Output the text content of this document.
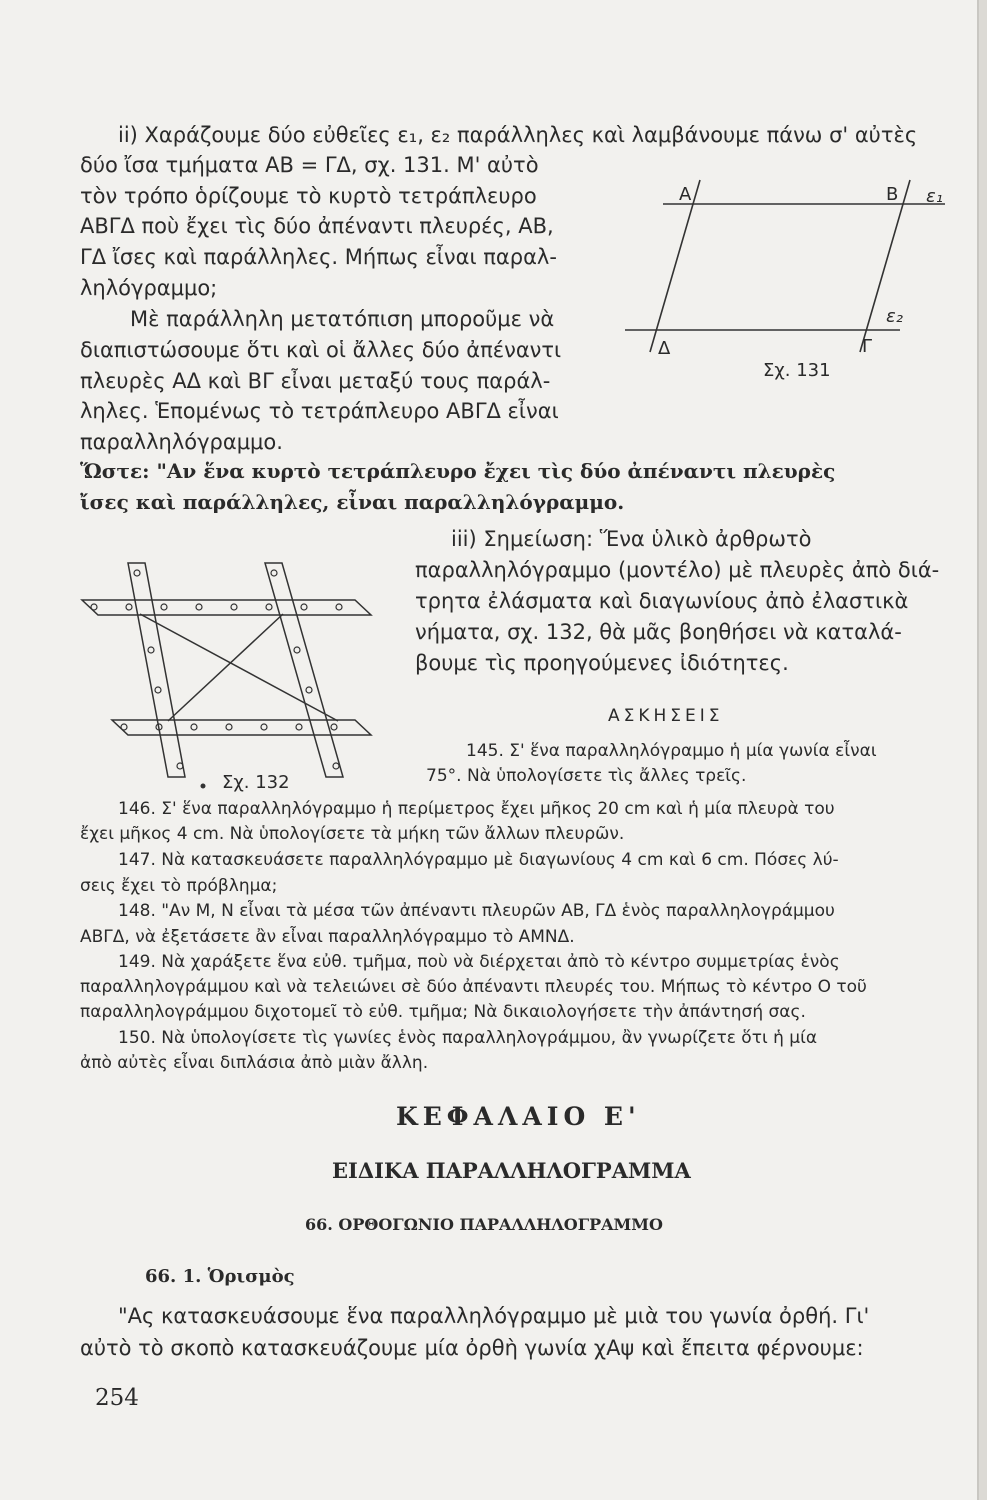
ii) Χαράζουμε δύο εὐθεῖες ε₁, ε₂ παράλληλες καὶ λαμβάνουμε πάνω σ' αὐτὲς
δύο ἴσα τμήματα ΑΒ = ΓΔ, σχ. 131. Μ' αὐτὸ
τὸν τρόπο ὁρίζουμε τὸ κυρτὸ τετράπλευρο
ΑΒΓΔ ποὺ ἔχει τὶς δύο ἀπέναντι πλευρές, ΑΒ,
ΓΔ ἴσες καὶ παράλληλες. Μήπως εἶναι παραλ-
ληλόγραμμο;
Μὲ παράλληλη μετατόπιση μποροῦμε νὰ
διαπιστώσουμε ὅτι καὶ οἱ ἄλλες δύο ἀπέναντι
πλευρὲς ΑΔ καὶ ΒΓ εἶναι μεταξύ τους παράλ-
ληλες. Ἑπομένως τὸ τετράπλευρο ΑΒΓΔ εἶναι
παραλληλόγραμμο.
Α	Β ε₁
ε₂
Γ
Δ
Σχ. 131
Ὥστε: "Αν ἕνα κυρτὸ τετράπλευρο ἔχει τὶς δύο ἀπέναντι πλευρὲς
ἴσες καὶ παράλληλες, εἶναι παραλληλόγραμμο.
Σχ. 132
iii) Σημείωση: Ἕνα ὑλικὸ ἀρθρωτὸ
παραλληλόγραμμο (μοντέλο) μὲ πλευρὲς ἀπὸ διά-
τρητα ἐλάσματα καὶ διαγωνίους ἀπὸ ἐλαστικὰ
νήματα, σχ. 132, θὰ μᾶς βοηθήσει νὰ καταλά-
βουμε τὶς προηγούμενες ἰδιότητες.
ΑΣΚΗΣΕΙΣ
145. Σ' ἕνα παραλληλόγραμμο ἡ μία γωνία εἶναι
75°. Νὰ ὑπολογίσετε τὶς ἄλλες τρεῖς.
146. Σ' ἕνα παραλληλόγραμμο ἡ περίμετρος ἔχει μῆκος 20 cm καὶ ἡ μία πλευρὰ του
ἔχει μῆκος 4 cm. Νὰ ὑπολογίσετε τὰ μήκη τῶν ἄλλων πλευρῶν.
147. Νὰ κατασκευάσετε παραλληλόγραμμο μὲ διαγωνίους 4 cm καὶ 6 cm. Πόσες λύ-
σεις ἔχει τὸ πρόβλημα;
148. "Αν Μ, Ν εἶναι τὰ μέσα τῶν ἀπέναντι πλευρῶν ΑΒ, ΓΔ ἑνὸς παραλληλογράμμου
ΑΒΓΔ, νὰ ἐξετάσετε ἂν εἶναι παραλληλόγραμμο τὸ ΑΜΝΔ.
149. Νὰ χαράξετε ἕνα εὐθ. τμῆμα, ποὺ νὰ διέρχεται ἀπὸ τὸ κέντρο συμμετρίας ἑνὸς
παραλληλογράμμου καὶ νὰ τελειώνει σὲ δύο ἀπέναντι πλευρές του. Μήπως τὸ κέντρο Ο τοῦ
παραλληλογράμμου διχοτομεῖ τὸ εὐθ. τμῆμα; Νὰ δικαιολογήσετε τὴν ἀπάντησή σας.
150. Νὰ ὑπολογίσετε τὶς γωνίες ἑνὸς παραλληλογράμμου, ἂν γνωρίζετε ὅτι ἡ μία
ἀπὸ αὐτὲς εἶναι διπλάσια ἀπὸ μιὰν ἄλλη.
ΚΕΦΑΛΑΙΟ Ε'
ΕΙΔΙΚΑ ΠΑΡΑΛΛΗΛΟΓΡΑΜΜΑ
66. ΟΡΘΟΓΩΝΙΟ ΠΑΡΑΛΛΗΛΟΓΡΑΜΜΟ
66. 1. Ὁρισμὸς
"Ας κατασκευάσουμε ἕνα παραλληλόγραμμο μὲ μιὰ του γωνία ὀρθή. Γι'
αὐτὸ τὸ σκοπὸ κατασκευάζουμε μία ὀρθὴ γωνία χΑψ καὶ ἔπειτα φέρνουμε:
254
